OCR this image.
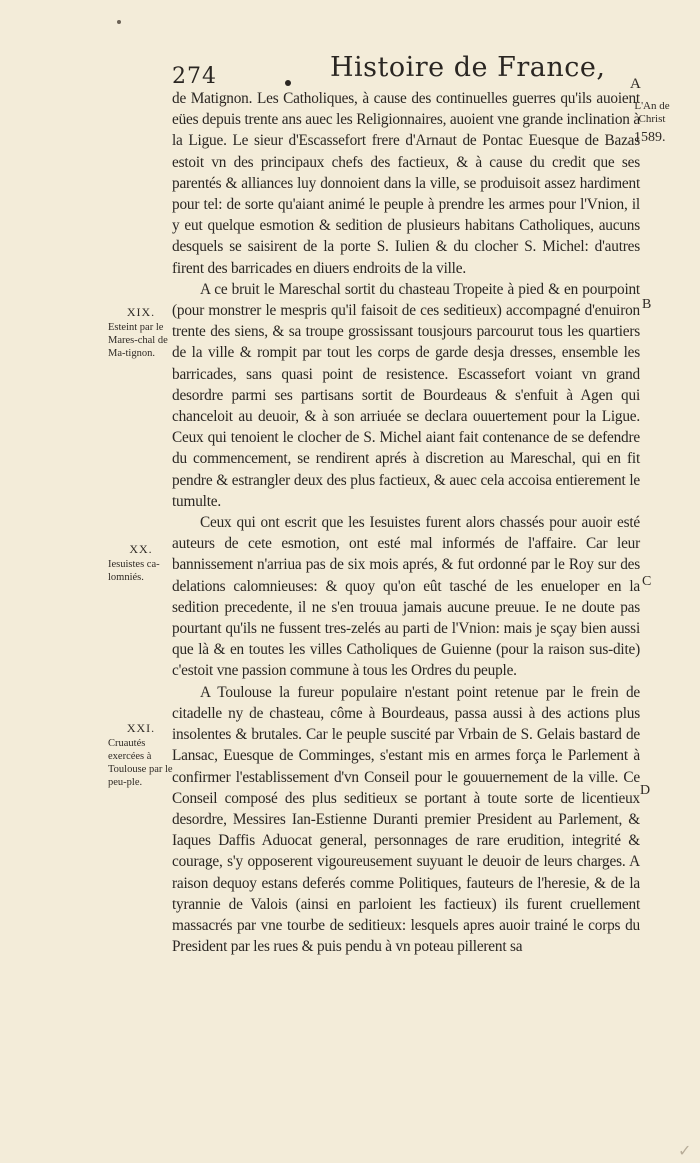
274	Histoire de France,
A
L'An de Christ
1589.
B
C
D
XIX.
Esteint par le Mares-chal de Ma-tignon.
XX.
Iesuistes ca-lomniés.
XXI.
Cruautés exercées à Toulouse par le peu-ple.

de Matignon. Les Catholiques, à cause des continuelles guerres qu'ils auoient eües depuis trente ans auec les Religionnaires, auoient vne grande inclination à la Ligue. Le sieur d'Escassefort frere d'Arnaut de Pontac Euesque de Bazas estoit vn des principaux chefs des factieux, & à cause du credit que ses parentés & alliances luy donnoient dans la ville, se produisoit assez hardiment pour tel: de sorte qu'aiant animé le peuple à prendre les armes pour l'Vnion, il y eut quelque esmotion & sedition de plusieurs habitans Catholiques, aucuns desquels se saisirent de la porte S. Iulien & du clocher S. Michel: d'autres firent des barricades en diuers endroits de la ville.

A ce bruit le Mareschal sortit du chasteau Tropeite à pied & en pourpoint (pour monstrer le mespris qu'il faisoit de ces seditieux) accompagné d'enuiron trente des siens, & sa troupe grossissant tousjours parcourut tous les quartiers de la ville & rompit par tout les corps de garde desja dresses, ensemble les barricades, sans quasi point de resistence. Escassefort voiant vn grand desordre parmi ses partisans sortit de Bourdeaus & s'enfuit à Agen qui chanceloit au deuoir, & à son arriuée se declara ouuertement pour la Ligue. Ceux qui tenoient le clocher de S. Michel aiant fait contenance de se defendre du commencement, se rendirent aprés à discretion au Mareschal, qui en fit pendre & estrangler deux des plus factieux, & auec cela accoisa entierement le tumulte.

Ceux qui ont escrit que les Iesuistes furent alors chassés pour auoir esté auteurs de cete esmotion, ont esté mal informés de l'affaire. Car leur bannissement n'arriua pas de six mois aprés, & fut ordonné par le Roy sur des delations calomnieuses: & quoy qu'on eût tasché de les enueloper en la sedition precedente, il ne s'en trouua jamais aucune preuue. Ie ne doute pas pourtant qu'ils ne fussent tres-zelés au parti de l'Vnion: mais je sçay bien aussi que là & en toutes les villes Catholiques de Guienne (pour la raison sus-dite) c'estoit vne passion commune à tous les Ordres du peuple.

A Toulouse la fureur populaire n'estant point retenue par le frein de citadelle ny de chasteau, côme à Bourdeaus, passa aussi à des actions plus insolentes & brutales. Car le peuple suscité par Vrbain de S. Gelais bastard de Lansac, Euesque de Comminges, s'estant mis en armes força le Parlement à confirmer l'establissement d'vn Conseil pour le gouuernement de la ville. Ce Conseil composé des plus seditieux se portant à toute sorte de licentieux desordre, Messires Ian-Estienne Duranti premier President au Parlement, & Iaques Daffis Aduocat general, personnages de rare erudition, integrité & courage, s'y opposerent vigoureusement suyuant le deuoir de leurs charges. A raison dequoy estans deferés comme Politiques, fauteurs de l'heresie, & de la tyrannie de Valois (ainsi en parloient les factieux) ils furent cruellement massacrés par vne tourbe de seditieux: lesquels apres auoir trainé le corps du President par les rues & puis pendu à vn poteau pillerent sa

✓
